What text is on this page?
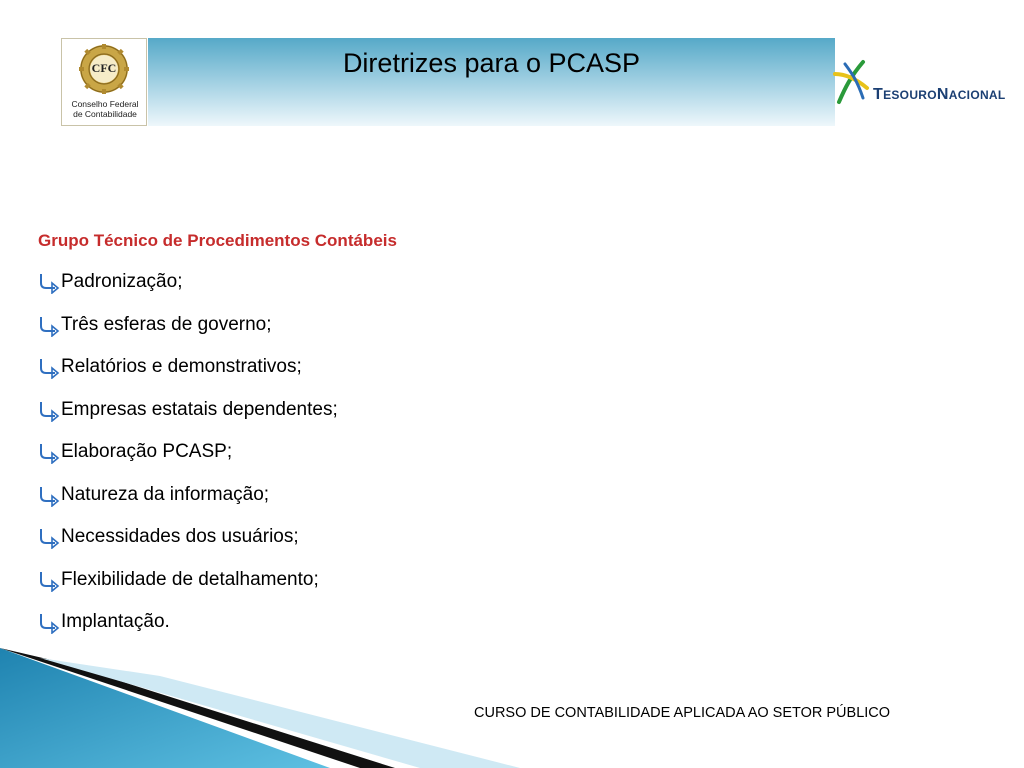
Diretrizes para o PCASP
CFC
Conselho Federal
de Contabilidade
TESOURONACIONAL
Grupo Técnico de Procedimentos Contábeis
Padronização;
Três esferas de governo;
Relatórios e demonstrativos;
Empresas estatais dependentes;
Elaboração PCASP;
Natureza da informação;
Necessidades dos usuários;
Flexibilidade de detalhamento;
Implantação.
CURSO DE CONTABILIDADE APLICADA AO SETOR PÚBLICO
